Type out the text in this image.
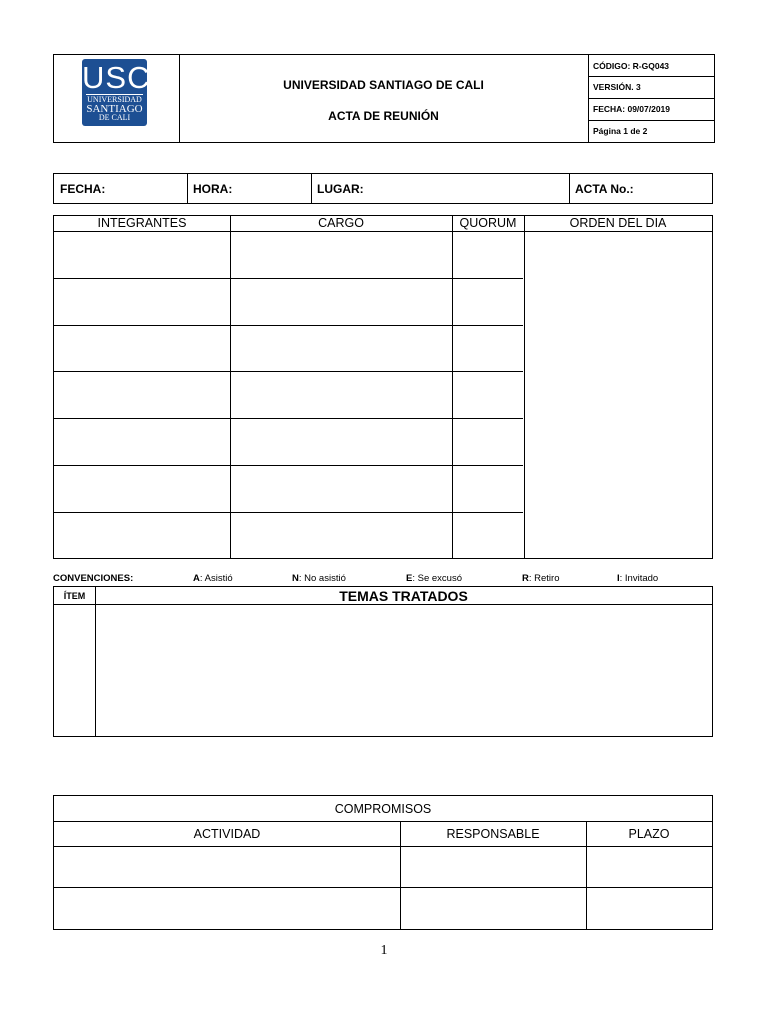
USC
UNIVERSIDAD
SANTIAGO
DE CALI
UNIVERSIDAD SANTIAGO DE CALI
ACTA DE REUNIÓN
CÓDIGO: R-GQ043
VERSIÓN. 3
FECHA: 09/07/2019
Página 1 de 2
FECHA:	HORA:	LUGAR:	ACTA No.:
INTEGRANTES	CARGO	QUORUM	ORDEN DEL DIA
CONVENCIONES:	A: Asistió	N: No asistió	E: Se excusó	R: Retiro	I: Invitado
ÍTEM	TEMAS TRATADOS
COMPROMISOS
ACTIVIDAD	RESPONSABLE	PLAZO
1
